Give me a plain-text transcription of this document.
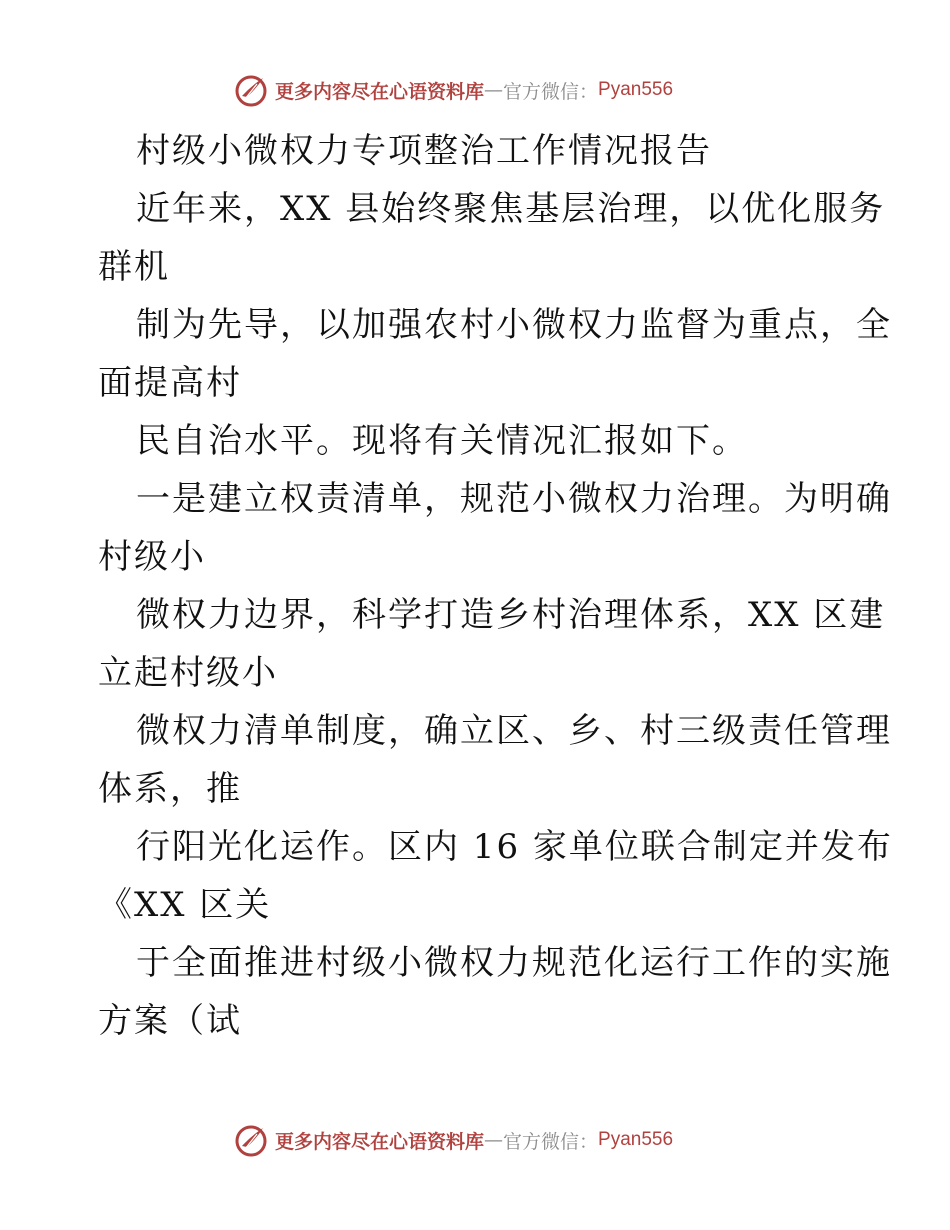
更多内容尽在心语资料库 — 官方微信： Pyan556
村级小微权力专项整治工作情况报告
近年来，XX 县始终聚焦基层治理，以优化服务
群机
制为先导，以加强农村小微权力监督为重点，全
面提高村
民自治水平。现将有关情况汇报如下。
一是建立权责清单，规范小微权力治理。为明确
村级小
微权力边界，科学打造乡村治理体系，XX 区建
立起村级小
微权力清单制度，确立区、乡、村三级责任管理
体系，推
行阳光化运作。区内 16 家单位联合制定并发布
《XX 区关
于全面推进村级小微权力规范化运行工作的实施
方案（试
更多内容尽在心语资料库 — 官方微信： Pyan556
